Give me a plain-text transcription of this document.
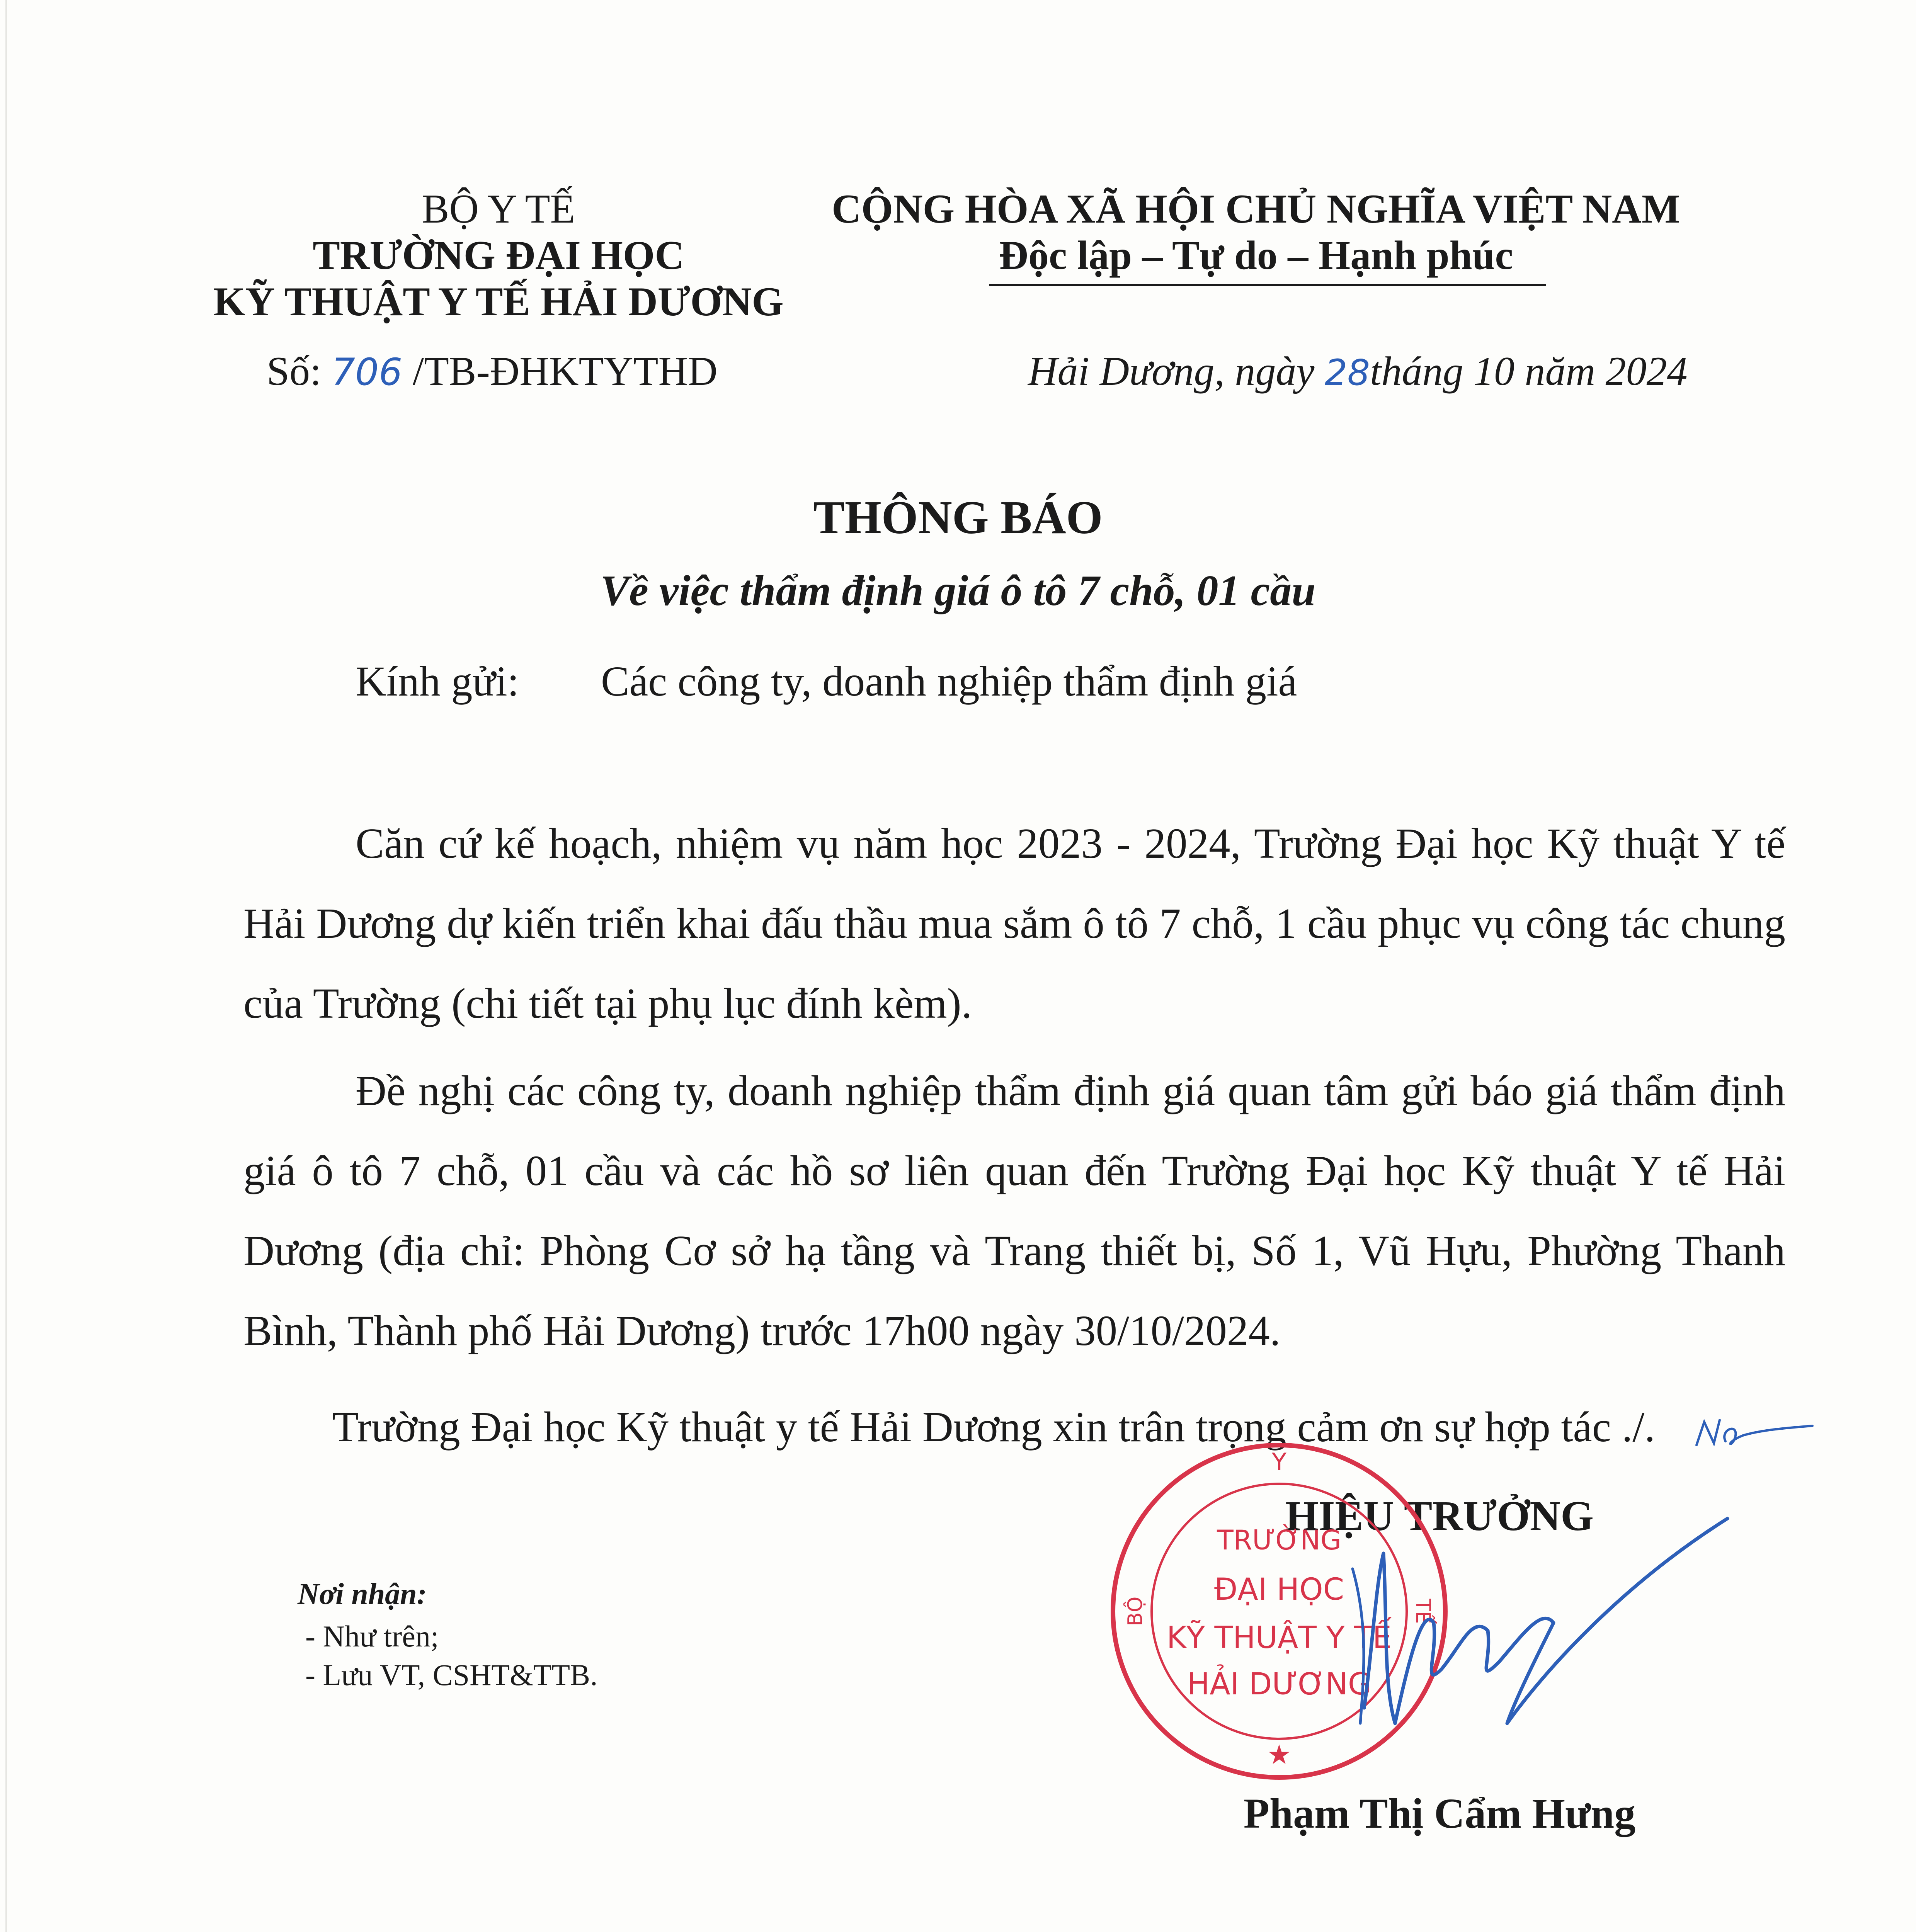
BỘ Y TẾ
TRƯỜNG ĐẠI HỌC
KỸ THUẬT Y TẾ HẢI DƯƠNG
Số: 706 /TB-ĐHKTYTHD
CỘNG HÒA XÃ HỘI CHỦ NGHĨA VIỆT NAM
Độc lập – Tự do – Hạnh phúc
Hải Dương, ngày 28tháng 10 năm 2024
THÔNG BÁO
Về việc thẩm định giá ô tô 7 chỗ, 01 cầu
Kính gửi: Các công ty, doanh nghiệp thẩm định giá
Căn cứ kế hoạch, nhiệm vụ năm học 2023 - 2024, Trường Đại học Kỹ thuật Y tế Hải Dương dự kiến triển khai đấu thầu mua sắm ô tô 7 chỗ, 1 cầu phục vụ công tác chung của Trường (chi tiết tại phụ lục đính kèm).
Đề nghị các công ty, doanh nghiệp thẩm định giá quan tâm gửi báo giá thẩm định giá ô tô 7 chỗ, 01 cầu và các hồ sơ liên quan đến Trường Đại học Kỹ thuật Y tế Hải Dương (địa chỉ: Phòng Cơ sở hạ tầng và Trang thiết bị, Số 1, Vũ Hựu, Phường Thanh Bình, Thành phố Hải Dương) trước 17h00 ngày 30/10/2024.
Trường Đại học Kỹ thuật y tế Hải Dương xin trân trọng cảm ơn sự hợp tác ./.
Nơi nhận:
- Như trên;
- Lưu VT, CSHT&TTB.
HIỆU TRƯỞNG
Y
BỘ	TẾ
TRƯỜNG
ĐẠI HỌC
KỸ THUẬT Y TẾ
HẢI DƯƠNG
★
Phạm Thị Cẩm Hưng
